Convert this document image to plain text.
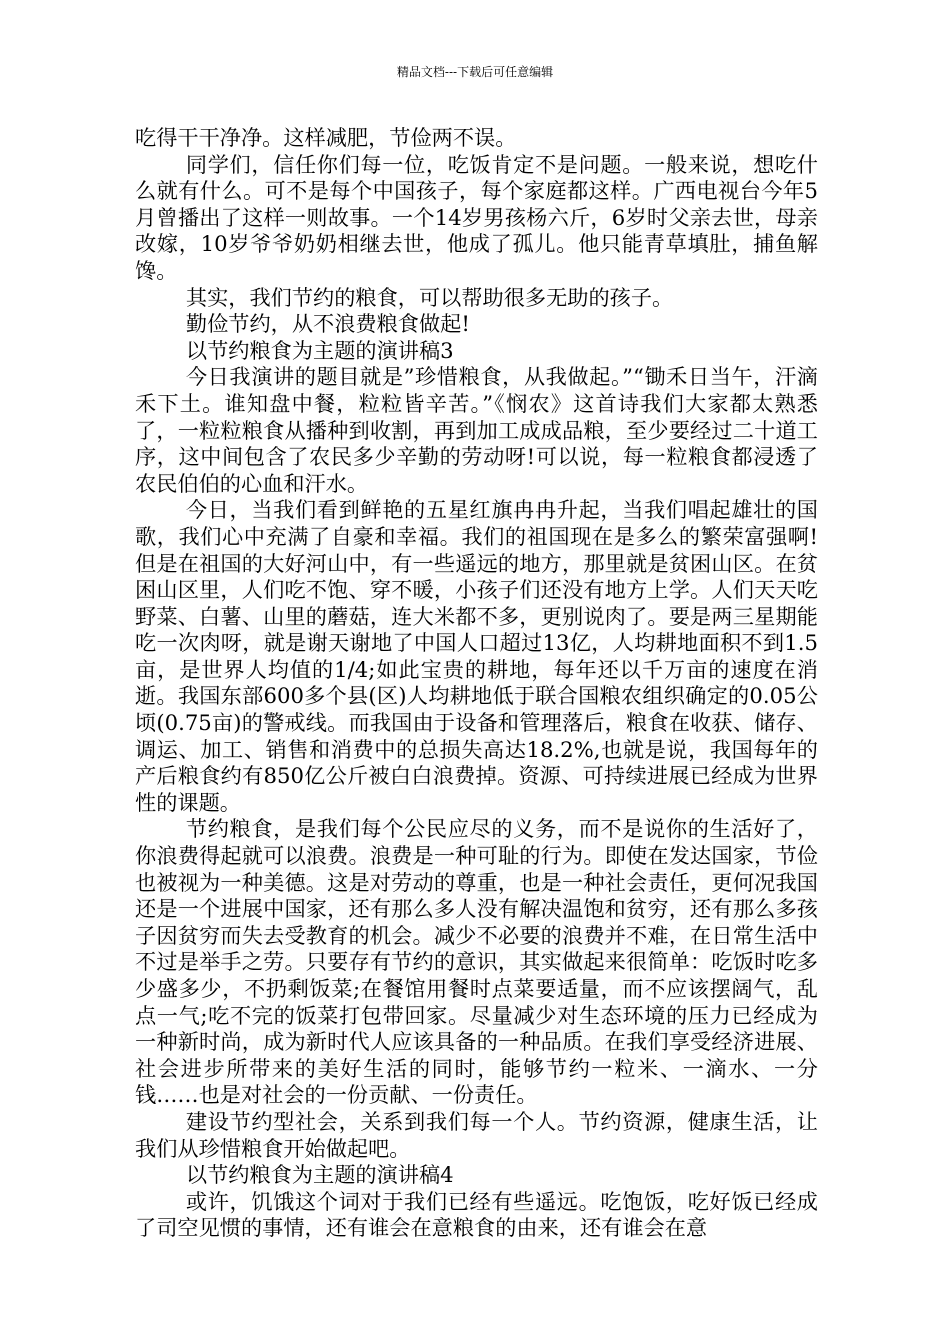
精品文档---下载后可任意编辑

吃得干干净净。这样减肥，节俭两不误。

同学们，信任你们每一位，吃饭肯定不是问题。一般来说，想吃什么就有什么。可不是每个中国孩子，每个家庭都这样。广西电视台今年5月曾播出了这样一则故事。一个14岁男孩杨六斤，6岁时父亲去世，母亲改嫁，10岁爷爷奶奶相继去世，他成了孤儿。他只能青草填肚，捕鱼解馋。

其实，我们节约的粮食，可以帮助很多无助的孩子。

勤俭节约，从不浪费粮食做起!

以节约粮食为主题的演讲稿3

今日我演讲的题目就是”珍惜粮食，从我做起。”“锄禾日当午，汗滴禾下土。谁知盘中餐，粒粒皆辛苦。”《悯农》这首诗我们大家都太熟悉了，一粒粒粮食从播种到收割，再到加工成成品粮，至少要经过二十道工序，这中间包含了农民多少辛勤的劳动呀!可以说，每一粒粮食都浸透了农民伯伯的心血和汗水。

今日，当我们看到鲜艳的五星红旗冉冉升起，当我们唱起雄壮的国歌，我们心中充满了自豪和幸福。我们的祖国现在是多么的繁荣富强啊!但是在祖国的大好河山中，有一些遥远的地方，那里就是贫困山区。在贫困山区里，人们吃不饱、穿不暖，小孩子们还没有地方上学。人们天天吃野菜、白薯、山里的蘑菇，连大米都不多，更别说肉了。要是两三星期能吃一次肉呀，就是谢天谢地了中国人口超过13亿，人均耕地面积不到1.5亩，是世界人均值的1/4;如此宝贵的耕地，每年还以千万亩的速度在消逝。我国东部600多个县(区)人均耕地低于联合国粮农组织确定的0.05公顷(0.75亩)的警戒线。而我国由于设备和管理落后，粮食在收获、储存、调运、加工、销售和消费中的总损失高达18.2%,也就是说，我国每年的产后粮食约有850亿公斤被白白浪费掉。资源、可持续进展已经成为世界性的课题。

节约粮食，是我们每个公民应尽的义务，而不是说你的生活好了，你浪费得起就可以浪费。浪费是一种可耻的行为。即使在发达国家，节俭也被视为一种美德。这是对劳动的尊重，也是一种社会责任，更何况我国还是一个进展中国家，还有那么多人没有解决温饱和贫穷，还有那么多孩子因贫穷而失去受教育的机会。减少不必要的浪费并不难，在日常生活中不过是举手之劳。只要存有节约的意识，其实做起来很简单：吃饭时吃多少盛多少，不扔剩饭菜;在餐馆用餐时点菜要适量，而不应该摆阔气，乱点一气;吃不完的饭菜打包带回家。尽量减少对生态环境的压力已经成为一种新时尚，成为新时代人应该具备的一种品质。在我们享受经济进展、社会进步所带来的美好生活的同时，能够节约一粒米、一滴水、一分钱……也是对社会的一份贡献、一份责任。

建设节约型社会，关系到我们每一个人。节约资源，健康生活，让我们从珍惜粮食开始做起吧。

以节约粮食为主题的演讲稿4

或许，饥饿这个词对于我们已经有些遥远。吃饱饭，吃好饭已经成了司空见惯的事情，还有谁会在意粮食的由来，还有谁会在意
